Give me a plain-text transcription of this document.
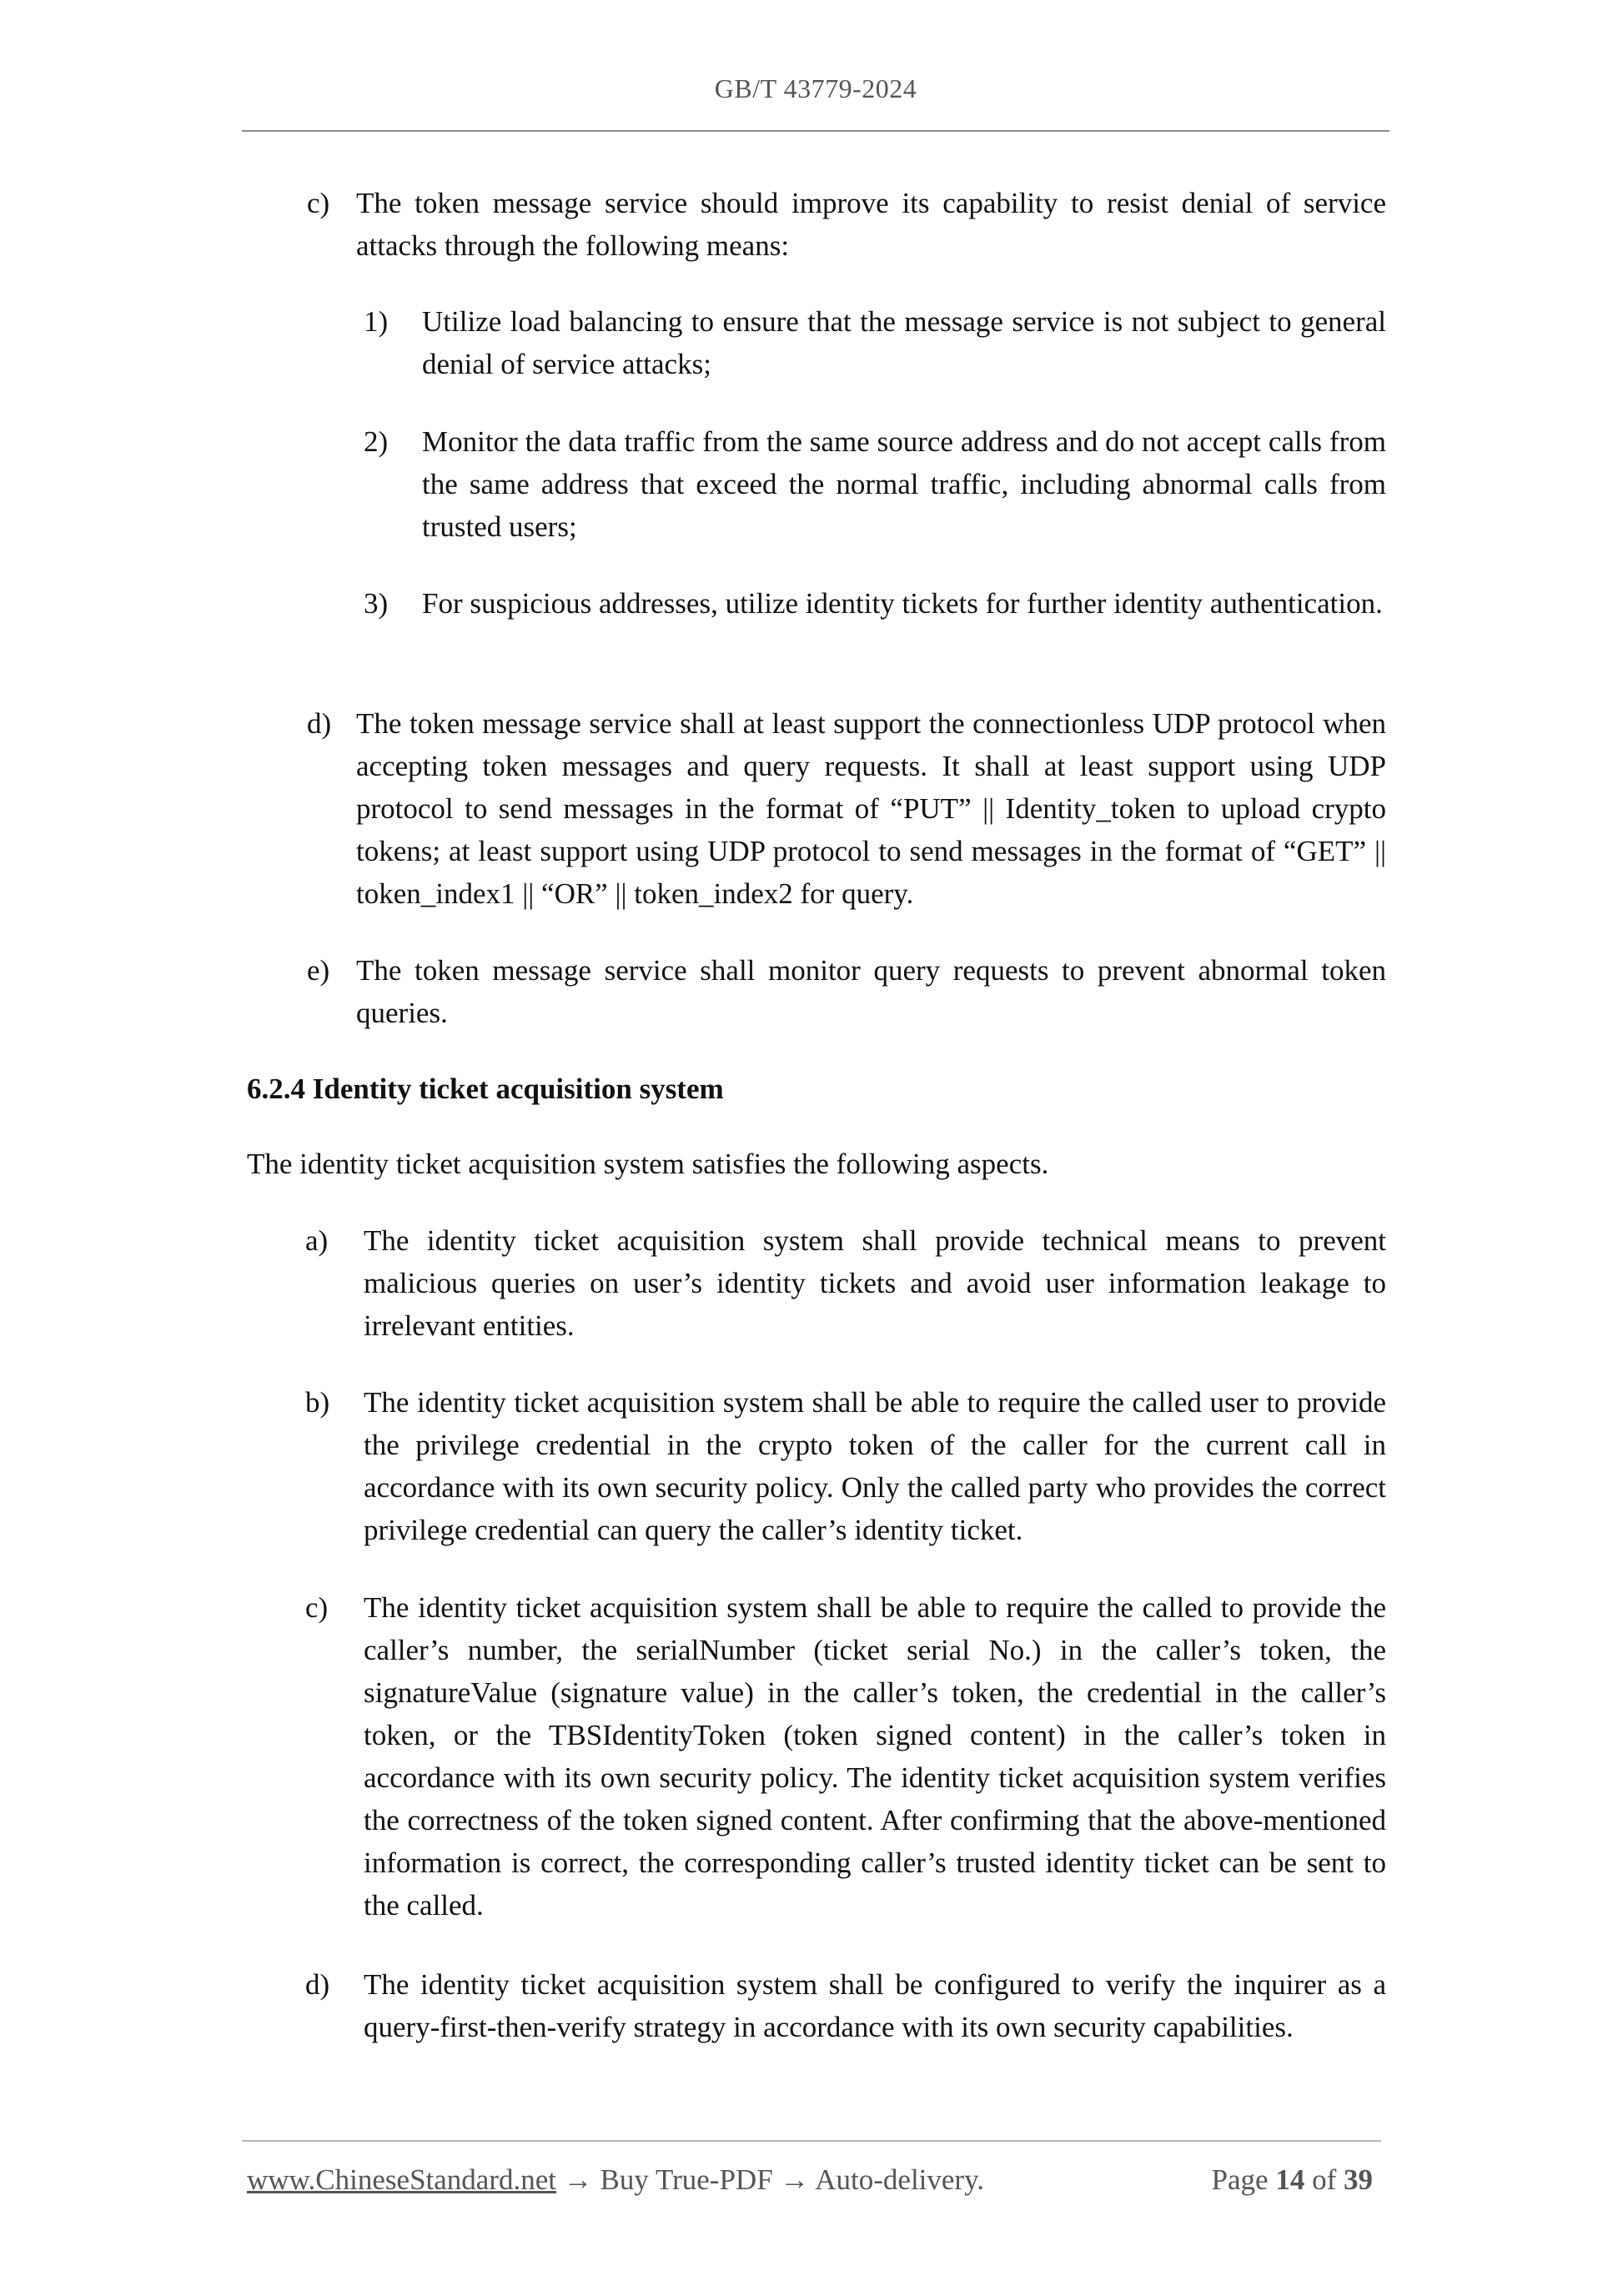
GB/T 43779-2024
c) The token message service should improve its capability to resist denial of service attacks through the following means:

1) Utilize load balancing to ensure that the message service is not subject to general denial of service attacks;

2) Monitor the data traffic from the same source address and do not accept calls from the same address that exceed the normal traffic, including abnormal calls from trusted users;

3) For suspicious addresses, utilize identity tickets for further identity authentication.

d) The token message service shall at least support the connectionless UDP protocol when accepting token messages and query requests. It shall at least support using UDP protocol to send messages in the format of “PUT” || Identity_token to upload crypto tokens; at least support using UDP protocol to send messages in the format of “GET” || token_index1 || “OR” || token_index2 for query.

e) The token message service shall monitor query requests to prevent abnormal token queries.

6.2.4 Identity ticket acquisition system

The identity ticket acquisition system satisfies the following aspects.

a) The identity ticket acquisition system shall provide technical means to prevent malicious queries on user’s identity tickets and avoid user information leakage to irrelevant entities.

b) The identity ticket acquisition system shall be able to require the called user to provide the privilege credential in the crypto token of the caller for the current call in accordance with its own security policy. Only the called party who provides the correct privilege credential can query the caller’s identity ticket.

c) The identity ticket acquisition system shall be able to require the called to provide the caller’s number, the serialNumber (ticket serial No.) in the caller’s token, the signatureValue (signature value) in the caller’s token, the credential in the caller’s token, or the TBSIdentityToken (token signed content) in the caller’s token in accordance with its own security policy. The identity ticket acquisition system verifies the correctness of the token signed content. After confirming that the above-mentioned information is correct, the corresponding caller’s trusted identity ticket can be sent to the called.

d) The identity ticket acquisition system shall be configured to verify the inquirer as a query-first-then-verify strategy in accordance with its own security capabilities.

www.ChineseStandard.net → Buy True-PDF → Auto-delivery.	Page 14 of 39
